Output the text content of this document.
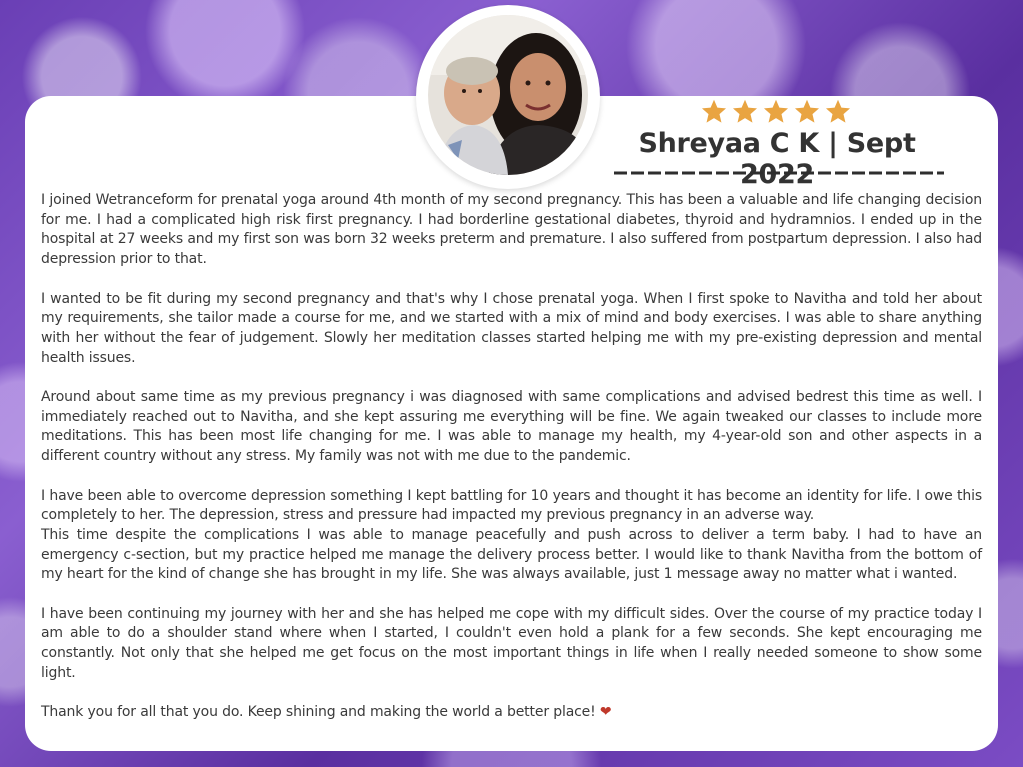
Shreyaa C K | Sept 2022

I joined Wetranceform for prenatal yoga around 4th month of my second pregnancy. This has been a valuable and life changing decision for me. I had a complicated high risk first pregnancy. I had borderline gestational diabetes, thyroid and hydramnios. I ended up in the hospital at 27 weeks and my first son was born 32 weeks preterm and premature. I also suffered from postpartum depression. I also had depression prior to that.

I wanted to be fit during my second pregnancy and that's why I chose prenatal yoga. When I first spoke to Navitha and told her about my requirements, she tailor made a course for me, and we started with a mix of mind and body exercises. I was able to share anything with her without the fear of judgement. Slowly her meditation classes started helping me with my pre-existing depression and mental health issues.

Around about same time as my previous pregnancy i was diagnosed with same complications and advised bedrest this time as well. I immediately reached out to Navitha, and she kept assuring me everything will be fine. We again tweaked our classes to include more meditations. This has been most life changing for me. I was able to manage my health, my 4-year-old son and other aspects in a different country without any stress. My family was not with me due to the pandemic.

I have been able to overcome depression something I kept battling for 10 years and thought it has become an identity for life. I owe this completely to her. The depression, stress and pressure had impacted my previous pregnancy in an adverse way.

This time despite the complications I was able to manage peacefully and push across to deliver a term baby. I had to have an emergency c-section, but my practice helped me manage the delivery process better. I would like to thank Navitha from the bottom of my heart for the kind of change she has brought in my life. She was always available, just 1 message away no matter what i wanted.

I have been continuing my journey with her and she has helped me cope with my difficult sides. Over the course of my practice today I am able to do a shoulder stand where when I started, I couldn't even hold a plank for a few seconds. She kept encouraging me constantly. Not only that she helped me get focus on the most important things in life when I really needed someone to show some light.

Thank you for all that you do. Keep shining and making the world a better place! ❤
